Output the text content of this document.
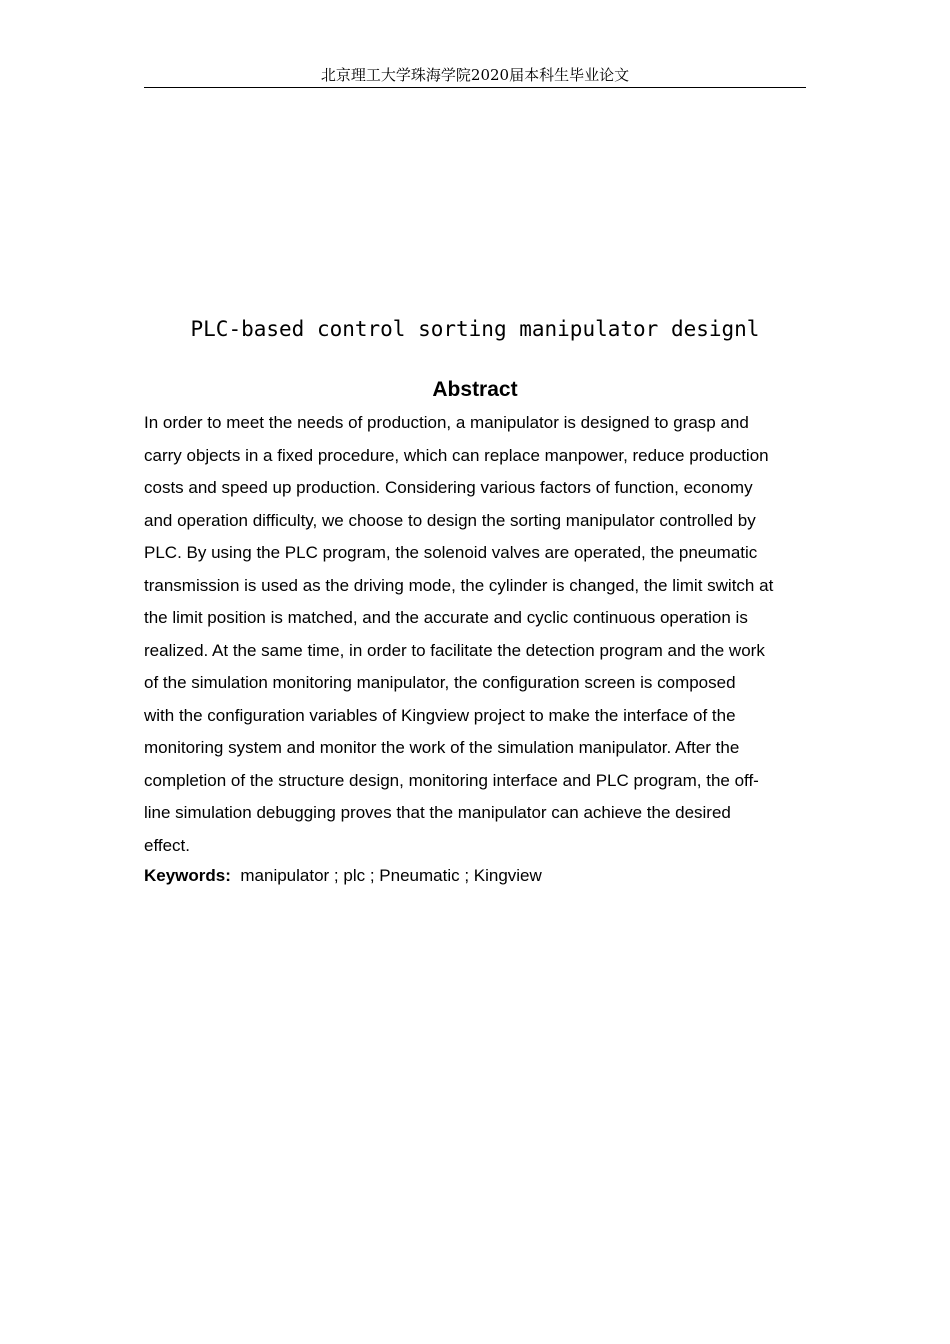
北京理工大学珠海学院2020届本科生毕业论文
PLC-based control sorting manipulator designl
Abstract
In order to meet the needs of production, a manipulator is designed to grasp and
carry objects in a fixed procedure, which can replace manpower, reduce production
costs and speed up production. Considering various factors of function, economy
and operation difficulty, we choose to design the sorting manipulator controlled by
PLC. By using the PLC program, the solenoid valves are operated, the pneumatic
transmission is used as the driving mode, the cylinder is changed, the limit switch at
the limit position is matched, and the accurate and cyclic continuous operation is
realized. At the same time, in order to facilitate the detection program and the work
of the simulation monitoring manipulator, the configuration screen is composed
with the configuration variables of Kingview project to make the interface of the
monitoring system and monitor the work of the simulation manipulator. After the
completion of the structure design, monitoring interface and PLC program, the off-
line simulation debugging proves that the manipulator can achieve the desired
effect.
Keywords: manipulator ; plc ; Pneumatic ; Kingview
